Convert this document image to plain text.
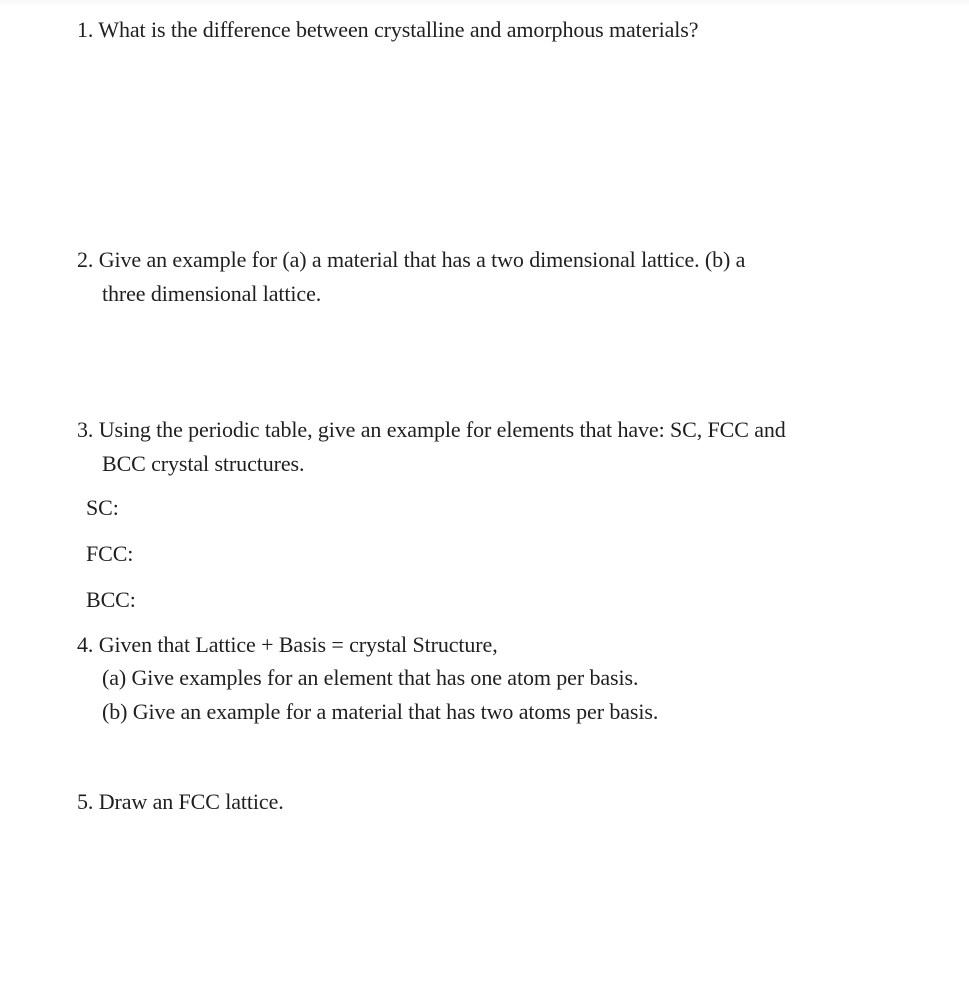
1. What is the difference between crystalline and amorphous materials?
2. Give an example for (a) a material that has a two dimensional lattice. (b) a
three dimensional lattice.
3. Using the periodic table, give an example for elements that have: SC, FCC and
BCC crystal structures.
SC:
FCC:
BCC:
4. Given that Lattice + Basis = crystal Structure,
(a) Give examples for an element that has one atom per basis.
(b) Give an example for a material that has two atoms per basis.
5. Draw an FCC lattice.
